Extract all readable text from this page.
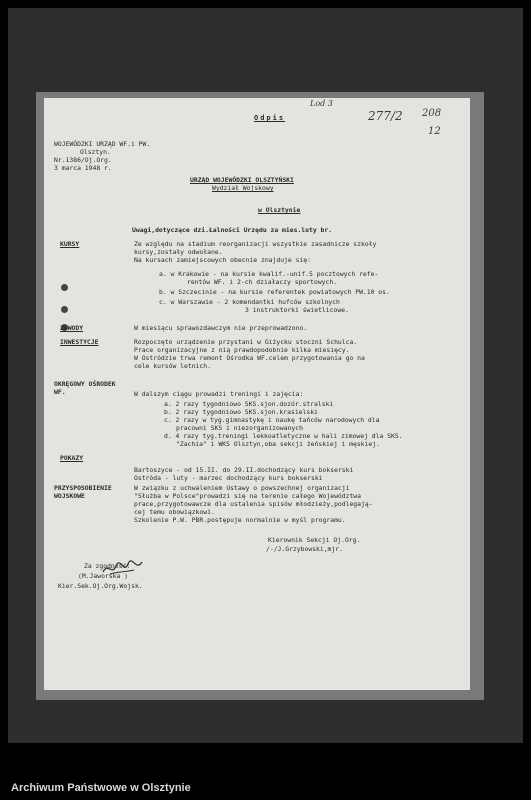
Lod 3
Odpis	277/2 208
12
WOJEWÓDZKI URZĄD WF.i PW.
Olsztyn.
Nr.1386/Oj.Org.
3 marca 1948 r.
URZĄD WOJEWÓDZKI OLSZTYŃSKI
Wydział Wojskowy
w Olsztynie
Uwagi,dotyczące dzi.Łalności Urzędu za mies.luty br.
KURSY	Ze względu na stadium reorganizacji wszystkie zasadnicze szkoły
kursy,zostały odwołane.
Na kursach zamiejscowych obecnie znajduje się:
a. w Krakowie - na kursie kwalif.-unif.5 pocztowych refe-
rentów WF. i 2-ch działaczy sportowych.
b. w Szczecinie - na kursie referentek powiatowych PW.10 os.
c. w Warszawie - 2 komendantki hufców szkolnych
3 instruktorki świetlicowe.
ZAWODY	W miesiącu sprawozdawczym nie przeprowadzono.
INWESTYCJE	Rozpoczęto urządzenie przystani w Giżycku stoczni Schulca.
Prace organizacyjne z nią prawdopodobnie kilka miesięcy.
W Ostródzie trwa remont Ośrodka WF.celem przygotowania go na
cele kursów letnich.
OKRĘGOWY OŚRODEK WF.	W dalszym ciągu prowadzi treningi i zajęcia:
a. 2 razy tygodniowo SKS.sjon.dozór.stralski
b. 2 razy tygodniowo SKS.sjon.krasielski
c. 2 razy w tyg.gimnastykę i naukę tańców narodowych dla
pracowni SKS i niezorganizowanych
d. 4 razy tyg.treningi lekkoatletyczne w hali zimowej dla SKS.
"Zachia" i WKS Olsztyn,oba sekcji żeńskiej i męskiej.
POKAZY
Bartoszyce - od 15.II. do 29.II.dochodzący kurs bokserski
Ostróda - luty - marzec dochodzący kurs bokserski
PRZYSPOSOBIENIE WOJSKOWE
W związku z uchwaleniem Ustawy o powszechnej organizacji
"Służba w Polsce"prowadzi się na terenie całego Województwa
prace,przygotowawcze dla ustalenia spisów młodzieży,podlegają-
cej temu obowiązkowi.
Szkolenie P.W. PBR.postępuje normalnie w myśl programu.
Kierownik Sekcji Oj.Org.
/-/J.Grzybowski,mjr.
Za zgodność:
(M.Jaworska )
Kier.Sek.Oj.Org.Wojsk.
Archiwum Państwowe w Olsztynie
